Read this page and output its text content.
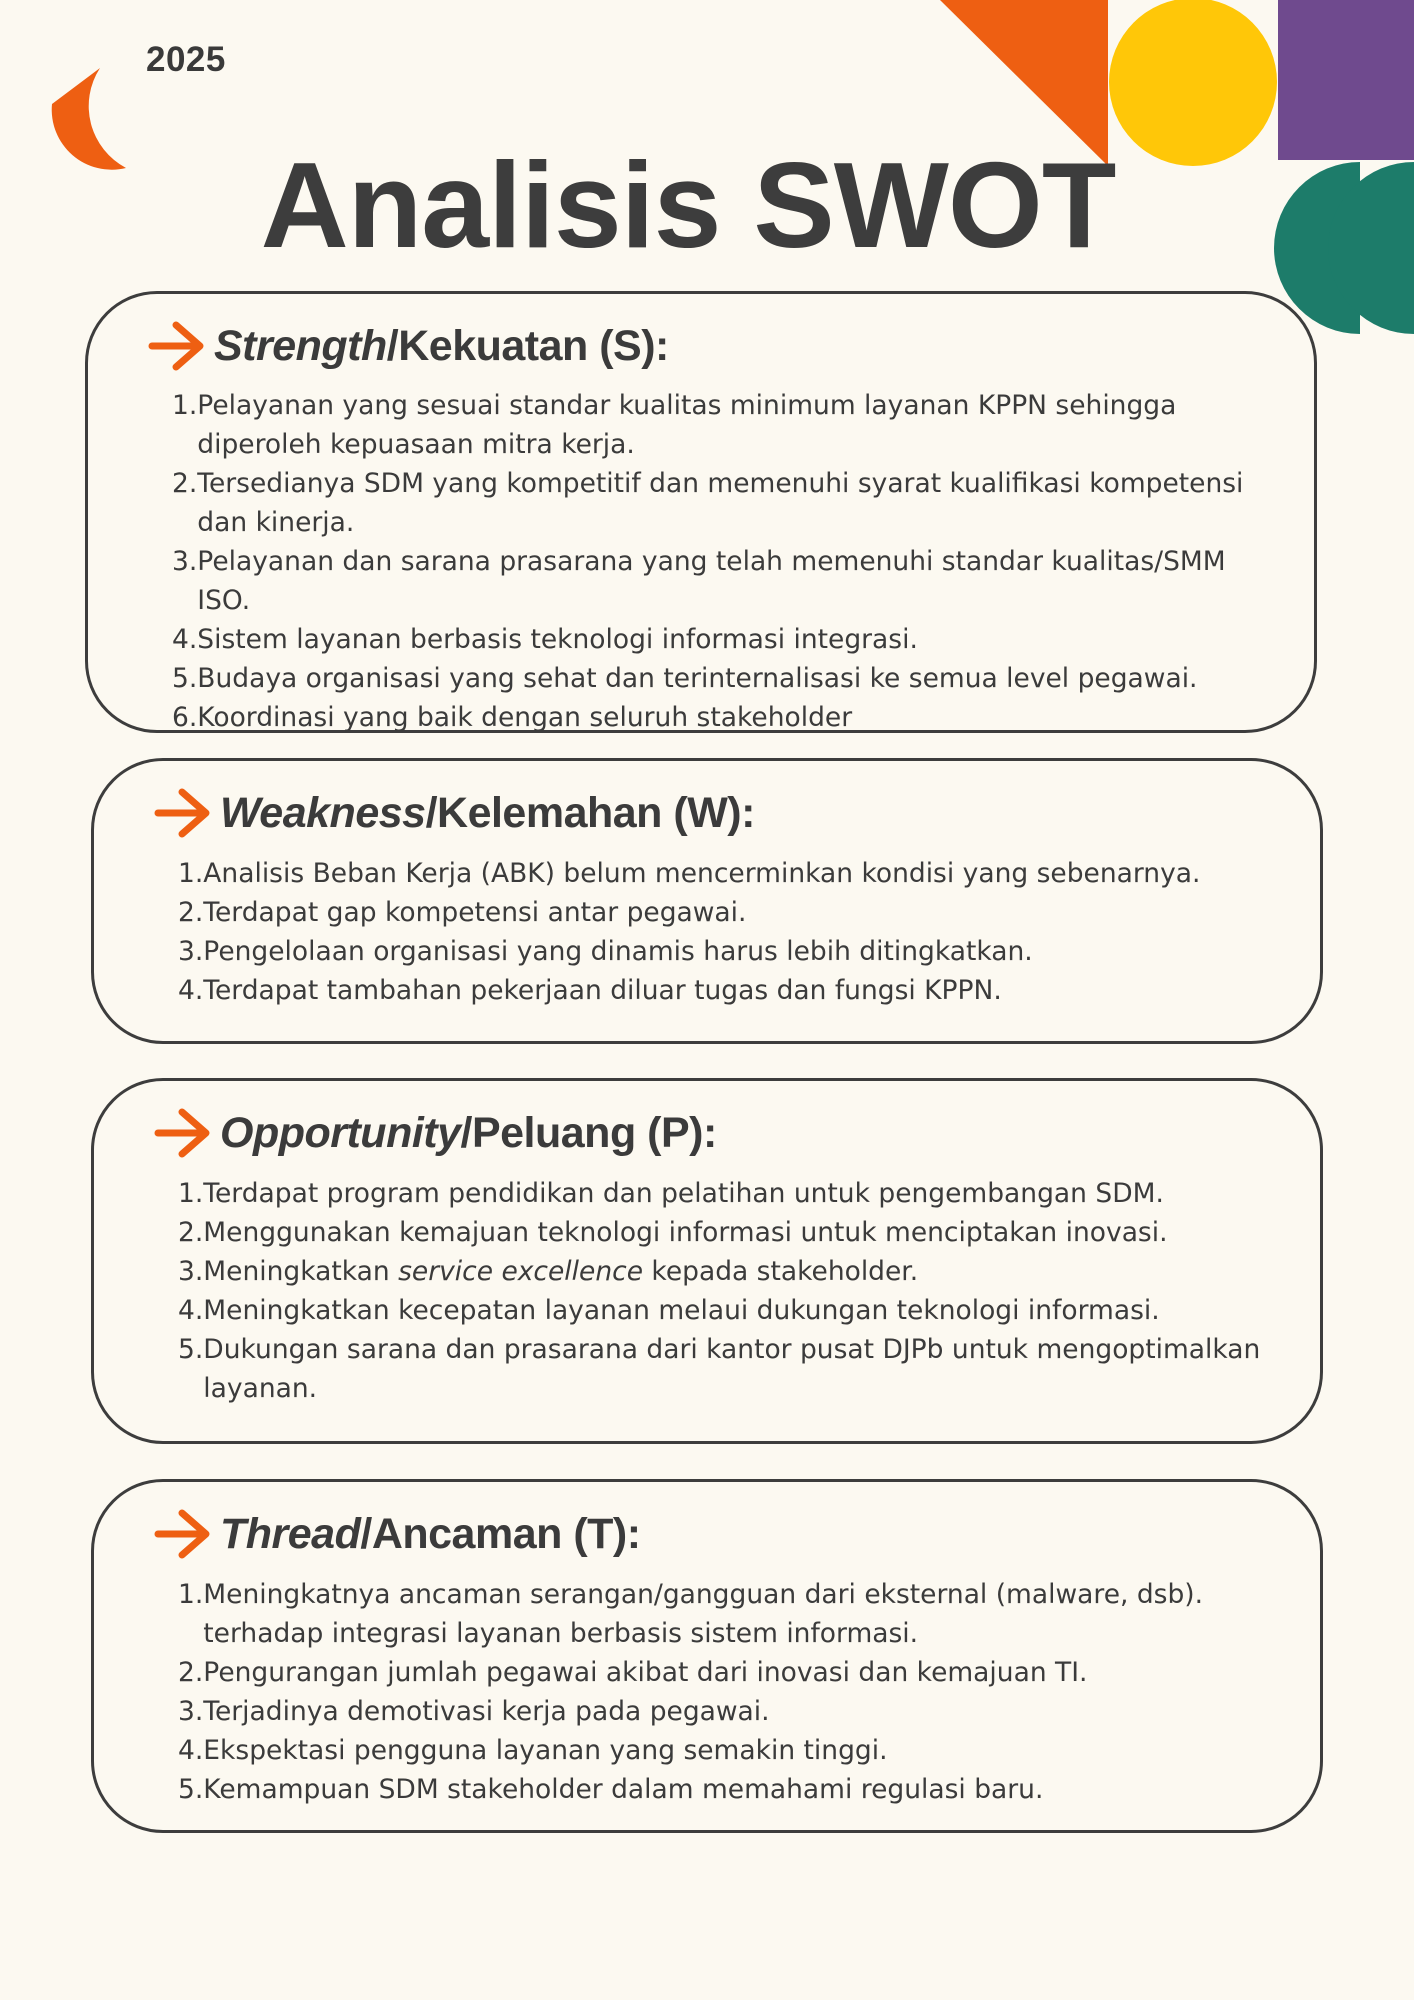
2025
Analisis SWOT
Strength/Kekuatan (S):
1. Pelayanan yang sesuai standar kualitas minimum layanan KPPN sehingga diperoleh kepuasaan mitra kerja.
2. Tersedianya SDM yang kompetitif dan memenuhi syarat kualifikasi kompetensi dan kinerja.
3. Pelayanan dan sarana prasarana yang telah memenuhi standar kualitas/SMM ISO.
4. Sistem layanan berbasis teknologi informasi integrasi.
5. Budaya organisasi yang sehat dan terinternalisasi ke semua level pegawai.
6. Koordinasi yang baik dengan seluruh stakeholder
Weakness/Kelemahan (W):
1. Analisis Beban Kerja (ABK) belum mencerminkan kondisi yang sebenarnya.
2. Terdapat gap kompetensi antar pegawai.
3. Pengelolaan organisasi yang dinamis harus lebih ditingkatkan.
4. Terdapat tambahan pekerjaan diluar tugas dan fungsi KPPN.
Opportunity/Peluang (P):
1. Terdapat program pendidikan dan pelatihan untuk pengembangan SDM.
2. Menggunakan kemajuan teknologi informasi untuk menciptakan inovasi.
3. Meningkatkan service excellence kepada stakeholder.
4. Meningkatkan kecepatan layanan melaui dukungan teknologi informasi.
5. Dukungan sarana dan prasarana dari kantor pusat DJPb untuk mengoptimalkan layanan.
Thread/Ancaman (T):
1. Meningkatnya ancaman serangan/gangguan dari eksternal (malware, dsb). terhadap integrasi layanan berbasis sistem informasi.
2. Pengurangan jumlah pegawai akibat dari inovasi dan kemajuan TI.
3. Terjadinya demotivasi kerja pada pegawai.
4. Ekspektasi pengguna layanan yang semakin tinggi.
5. Kemampuan SDM stakeholder dalam memahami regulasi baru.
